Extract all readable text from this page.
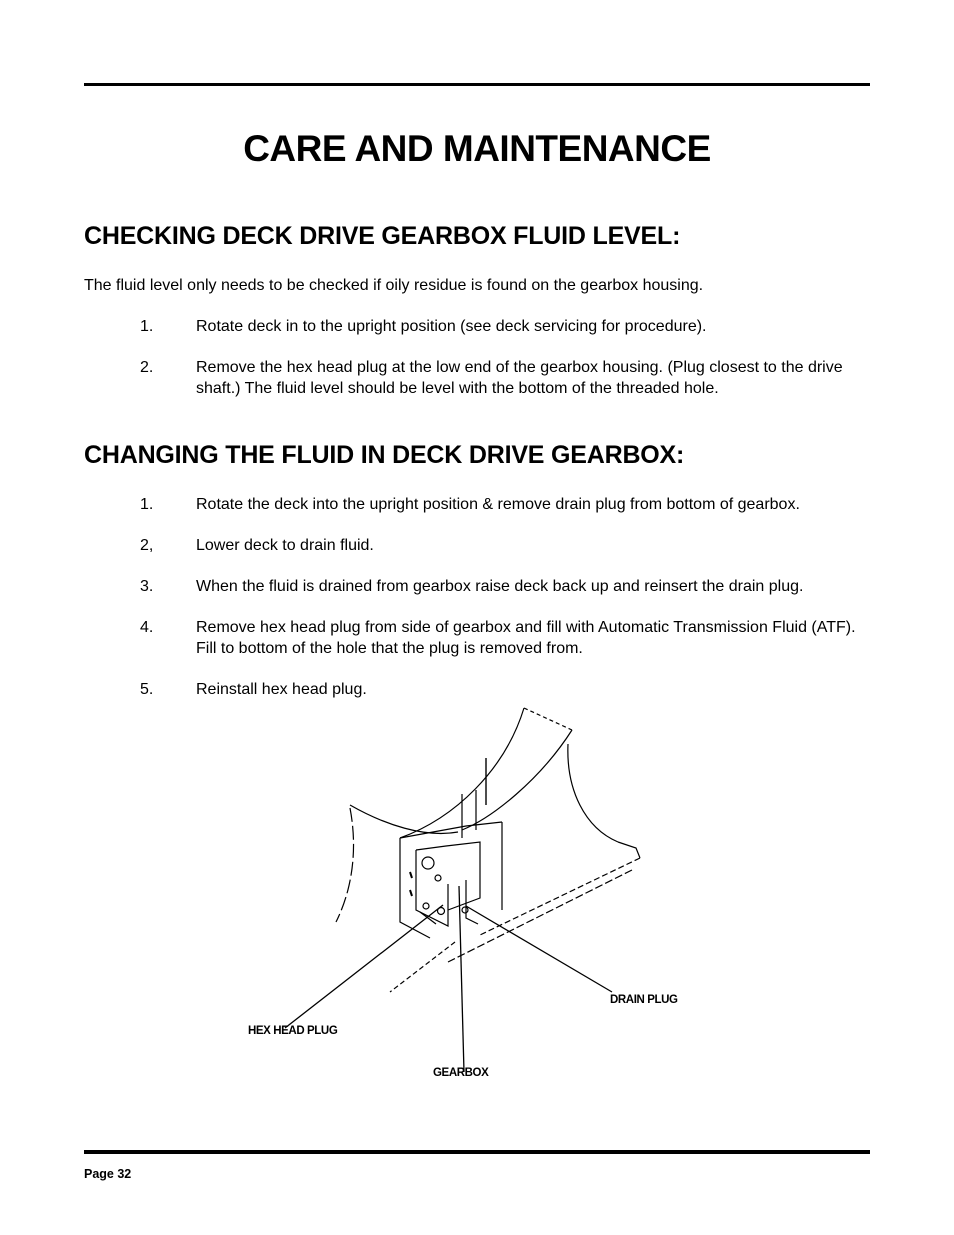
CARE AND MAINTENANCE
CHECKING DECK DRIVE GEARBOX FLUID LEVEL:

The fluid level only needs to be checked if oily residue is found on the gearbox housing.

1.	Rotate deck in to the upright position (see deck servicing for procedure).
2.	Remove the hex head plug at the low end of the gearbox housing. (Plug closest to the drive shaft.) The fluid level should be level with the bottom of the threaded hole.
CHANGING THE FLUID IN DECK DRIVE GEARBOX:
1.	Rotate the deck into the upright position & remove drain plug from bottom of gearbox.
2,	Lower deck to drain fluid.
3.	When the fluid is drained from gearbox raise deck back up and reinsert the drain plug.
4.	Remove hex head plug from side of gearbox and fill with Automatic Transmission Fluid (ATF). Fill to bottom of the hole that the plug is removed from.
5.	Reinstall hex head plug.
DRAIN PLUG
HEX HEAD PLUG
GEARBOX
Page 32
